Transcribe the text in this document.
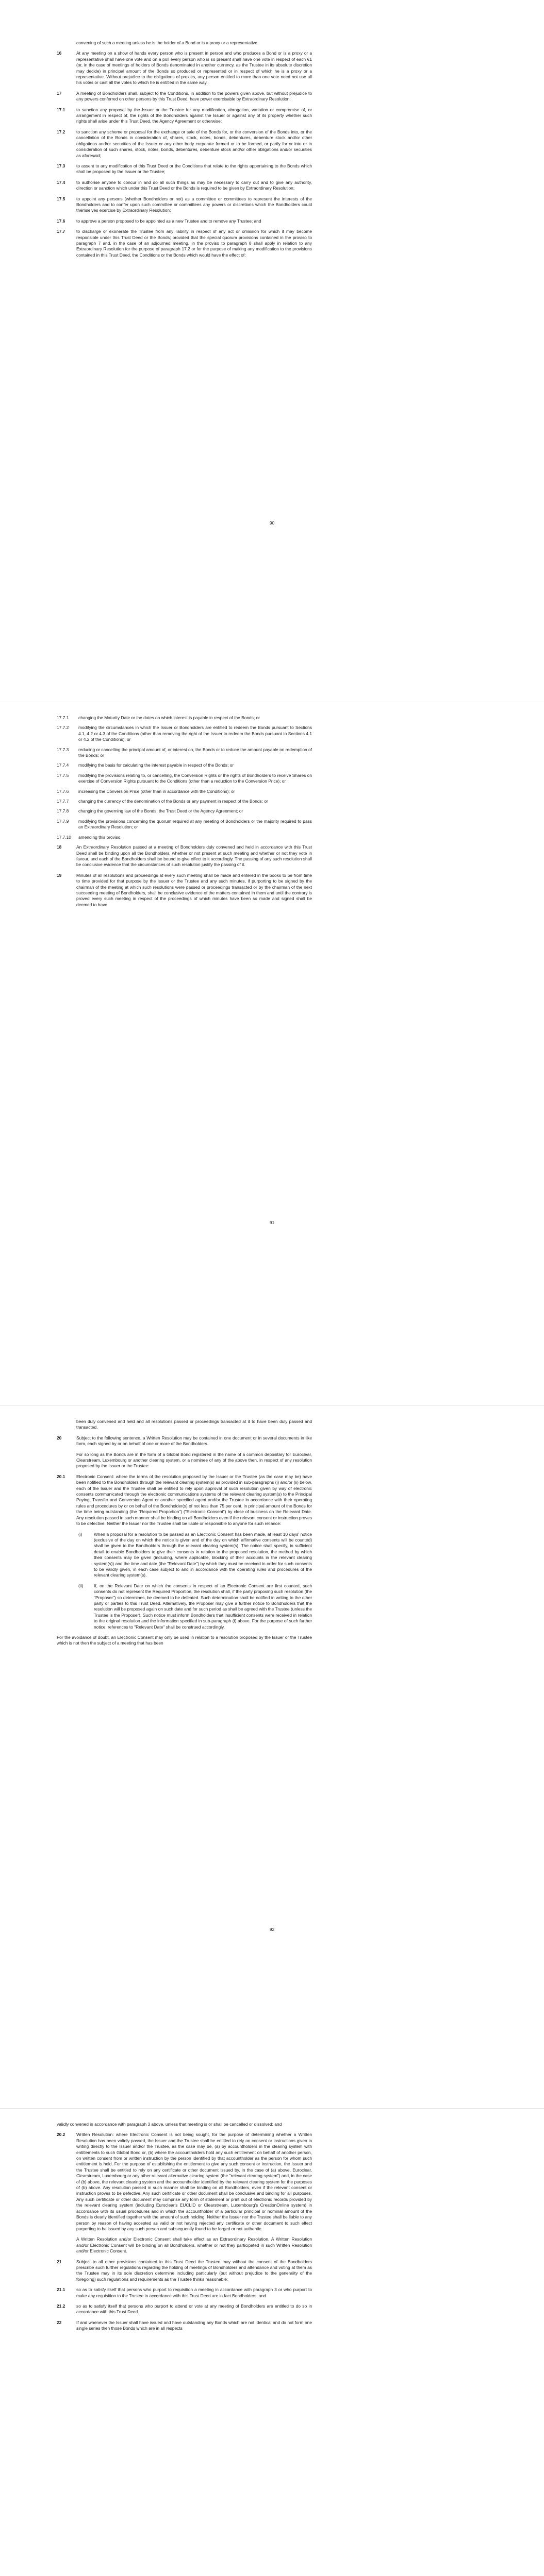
convening of such a meeting unless he is the holder of a Bond or is a proxy or a representative.
16	At any meeting on a show of hands every person who is present in person and who produces a Bond or is a proxy or a representative shall have one vote and on a poll every person who is so present shall have one vote in respect of each €1 (or, in the case of meetings of holders of Bonds denominated in another currency, as the Trustee in its absolute discretion may decide) in principal amount of the Bonds so produced or represented or in respect of which he is a proxy or a representative. Without prejudice to the obligations of proxies, any person entitled to more than one vote need not use all his votes or cast all the votes to which he is entitled in the same way.
17	A meeting of Bondholders shall, subject to the Conditions, in addition to the powers given above, but without prejudice to any powers conferred on other persons by this Trust Deed, have power exercisable by Extraordinary Resolution:
17.1	to sanction any proposal by the Issuer or the Trustee for any modification, abrogation, variation or compromise of, or arrangement in respect of, the rights of the Bondholders against the Issuer or against any of its property whether such rights shall arise under this Trust Deed, the Agency Agreement or otherwise;
17.2	to sanction any scheme or proposal for the exchange or sale of the Bonds for, or the conversion of the Bonds into, or the cancellation of the Bonds in consideration of, shares, stock, notes, bonds, debentures, debenture stock and/or other obligations and/or securities of the Issuer or any other body corporate formed or to be formed, or partly for or into or in consideration of such shares, stock, notes, bonds, debentures, debenture stock and/or other obligations and/or securities as aforesaid;
17.3	to assent to any modification of this Trust Deed or the Conditions that relate to the rights appertaining to the Bonds which shall be proposed by the Issuer or the Trustee;
17.4	to authorise anyone to concur in and do all such things as may be necessary to carry out and to give any authority, direction or sanction which under this Trust Deed or the Bonds is required to be given by Extraordinary Resolution;
17.5	to appoint any persons (whether Bondholders or not) as a committee or committees to represent the interests of the Bondholders and to confer upon such committee or committees any powers or discretions which the Bondholders could themselves exercise by Extraordinary Resolution;
17.6	to approve a person proposed to be appointed as a new Trustee and to remove any Trustee; and
17.7	to discharge or exonerate the Trustee from any liability in respect of any act or omission for which it may become responsible under this Trust Deed or the Bonds; provided that the special quorum provisions contained in the proviso to paragraph 7 and, in the case of an adjourned meeting, in the proviso to paragraph 8 shall apply in relation to any Extraordinary Resolution for the purpose of paragraph 17.2 or for the purpose of making any modification to the provisions contained in this Trust Deed, the Conditions or the Bonds which would have the effect of:
90
17.7.1 changing the Maturity Date or the dates on which interest is payable in respect of the Bonds; or
17.7.2 modifying the circumstances in which the Issuer or Bondholders are entitled to redeem the Bonds pursuant to Sections 4.1, 4.2 or 4.3 of the Conditions (other than removing the right of the Issuer to redeem the Bonds pursuant to Sections 4.1 or 4.2 of the Conditions); or
17.7.3 reducing or cancelling the principal amount of, or interest on, the Bonds or to reduce the amount payable on redemption of the Bonds; or
17.7.4 modifying the basis for calculating the interest payable in respect of the Bonds; or
17.7.5 modifying the provisions relating to, or cancelling, the Conversion Rights or the rights of Bondholders to receive Shares on exercise of Conversion Rights pursuant to the Conditions (other than a reduction to the Conversion Price); or
17.7.6 increasing the Conversion Price (other than in accordance with the Conditions); or
17.7.7 changing the currency of the denomination of the Bonds or any payment in respect of the Bonds; or
17.7.8 changing the governing law of the Bonds, the Trust Deed or the Agency Agreement; or
17.7.9 modifying the provisions concerning the quorum required at any meeting of Bondholders or the majority required to pass an Extraordinary Resolution; or
17.7.10 amending this proviso.
18	An Extraordinary Resolution passed at a meeting of Bondholders duly convened and held in accordance with this Trust Deed shall be binding upon all the Bondholders, whether or not present at such meeting and whether or not they vote in favour, and each of the Bondholders shall be bound to give effect to it accordingly. The passing of any such resolution shall be conclusive evidence that the circumstances of such resolution justify the passing of it.
19	Minutes of all resolutions and proceedings at every such meeting shall be made and entered in the books to be from time to time provided for that purpose by the Issuer or the Trustee and any such minutes, if purporting to be signed by the chairman of the meeting at which such resolutions were passed or proceedings transacted or by the chairman of the next succeeding meeting of Bondholders, shall be conclusive evidence of the matters contained in them and until the contrary is proved every such meeting in respect of the proceedings of which minutes have been so made and signed shall be deemed to have
91
been duly convened and held and all resolutions passed or proceedings transacted at it to have been duly passed and transacted.
20	Subject to the following sentence, a Written Resolution may be contained in one document or in several documents in like form, each signed by or on behalf of one or more of the Bondholders.
For so long as the Bonds are in the form of a Global Bond registered in the name of a common depositary for Euroclear, Clearstream, Luxembourg or another clearing system, or a nominee of any of the above then, in respect of any resolution proposed by the Issuer or the Trustee:
20.1	Electronic Consent: where the terms of the resolution proposed by the Issuer or the Trustee (as the case may be) have been notified to the Bondholders through the relevant clearing system(s) as provided in sub-paragraphs (i) and/or (ii) below, each of the Issuer and the Trustee shall be entitled to rely upon approval of such resolution given by way of electronic consents communicated through the electronic communications systems of the relevant clearing system(s) to the Principal Paying, Transfer and Conversion Agent or another specified agent and/or the Trustee in accordance with their operating rules and procedures by or on behalf of the Bondholder(s) of not less than 75 per cent. in principal amount of the Bonds for the time being outstanding (the "Required Proportion") ("Electronic Consent") by close of business on the Relevant Date. Any resolution passed in such manner shall be binding on all Bondholders even if the relevant consent or instruction proves to be defective. Neither the Issuer nor the Trustee shall be liable or responsible to anyone for such reliance:
(i)	When a proposal for a resolution to be passed as an Electronic Consent has been made, at least 10 days' notice (exclusive of the day on which the notice is given and of the day on which affirmative consents will be counted) shall be given to the Bondholders through the relevant clearing system(s). The notice shall specify, in sufficient detail to enable Bondholders to give their consents in relation to the proposed resolution, the method by which their consents may be given (including, where applicable, blocking of their accounts in the relevant clearing system(s)) and the time and date (the "Relevant Date") by which they must be received in order for such consents to be validly given, in each case subject to and in accordance with the operating rules and procedures of the relevant clearing system(s).
(ii) If, on the Relevant Date on which the consents in respect of an Electronic Consent are first counted, such consents do not represent the Required Proportion, the resolution shall, if the party proposing such resolution (the "Proposer") so determines, be deemed to be defeated. Such determination shall be notified in writing to the other party or parties to this Trust Deed. Alternatively, the Proposer may give a further notice to Bondholders that the resolution will be proposed again on such date and for such period as shall be agreed with the Trustee (unless the Trustee is the Proposer). Such notice must inform Bondholders that insufficient consents were received in relation to the original resolution and the information specified in sub-paragraph (i) above. For the purpose of such further notice, references to "Relevant Date" shall be construed accordingly.
For the avoidance of doubt, an Electronic Consent may only be used in relation to a resolution proposed by the Issuer or the Trustee which is not then the subject of a meeting that has been
92
validly convened in accordance with paragraph 3 above, unless that meeting is or shall be cancelled or dissolved; and
20.2	Written Resolution: where Electronic Consent is not being sought, for the purpose of determining whether a Written Resolution has been validly passed, the Issuer and the Trustee shall be entitled to rely on consent or instructions given in writing directly to the Issuer and/or the Trustee, as the case may be, (a) by accountholders in the clearing system with entitlements to such Global Bond or, (b) where the accountholders hold any such entitlement on behalf of another person, on written consent from or written instruction by the person identified by that accountholder as the person for whom such entitlement is held. For the purpose of establishing the entitlement to give any such consent or instruction, the Issuer and the Trustee shall be entitled to rely on any certificate or other document issued by, in the case of (a) above, Euroclear, Clearstream, Luxembourg or any other relevant alternative clearing system (the "relevant clearing system") and, in the case of (b) above, the relevant clearing system and the accountholder identified by the relevant clearing system for the purposes of (b) above. Any resolution passed in such manner shall be binding on all Bondholders, even if the relevant consent or instruction proves to be defective. Any such certificate or other document shall be conclusive and binding for all purposes. Any such certificate or other document may comprise any form of statement or print out of electronic records provided by the relevant clearing system (including Euroclear's EUCLID or Clearstream, Luxembourg's CreationOnline system) in accordance with its usual procedures and in which the accountholder of a particular principal or nominal amount of the Bonds is clearly identified together with the amount of such holding. Neither the Issuer nor the Trustee shall be liable to any person by reason of having accepted as valid or not having rejected any certificate or other document to such effect purporting to be issued by any such person and subsequently found to be forged or not authentic.
A Written Resolution and/or Electronic Consent shall take effect as an Extraordinary Resolution. A Written Resolution and/or Electronic Consent will be binding on all Bondholders, whether or not they participated in such Written Resolution and/or Electronic Consent.
21	Subject to all other provisions contained in this Trust Deed the Trustee may without the consent of the Bondholders prescribe such further regulations regarding the holding of meetings of Bondholders and attendance and voting at them as the Trustee may in its sole discretion determine including particularly (but without prejudice to the generality of the foregoing) such regulations and requirements as the Trustee thinks reasonable:
21.1	so as to satisfy itself that persons who purport to requisition a meeting in accordance with paragraph 3 or who purport to make any requisition to the Trustee in accordance with this Trust Deed are in fact Bondholders; and
21.2	so as to satisfy itself that persons who purport to attend or vote at any meeting of Bondholders are entitled to do so in accordance with this Trust Deed.
22	If and whenever the Issuer shall have issued and have outstanding any Bonds which are not identical and do not form one single series then those Bonds which are in all respects
